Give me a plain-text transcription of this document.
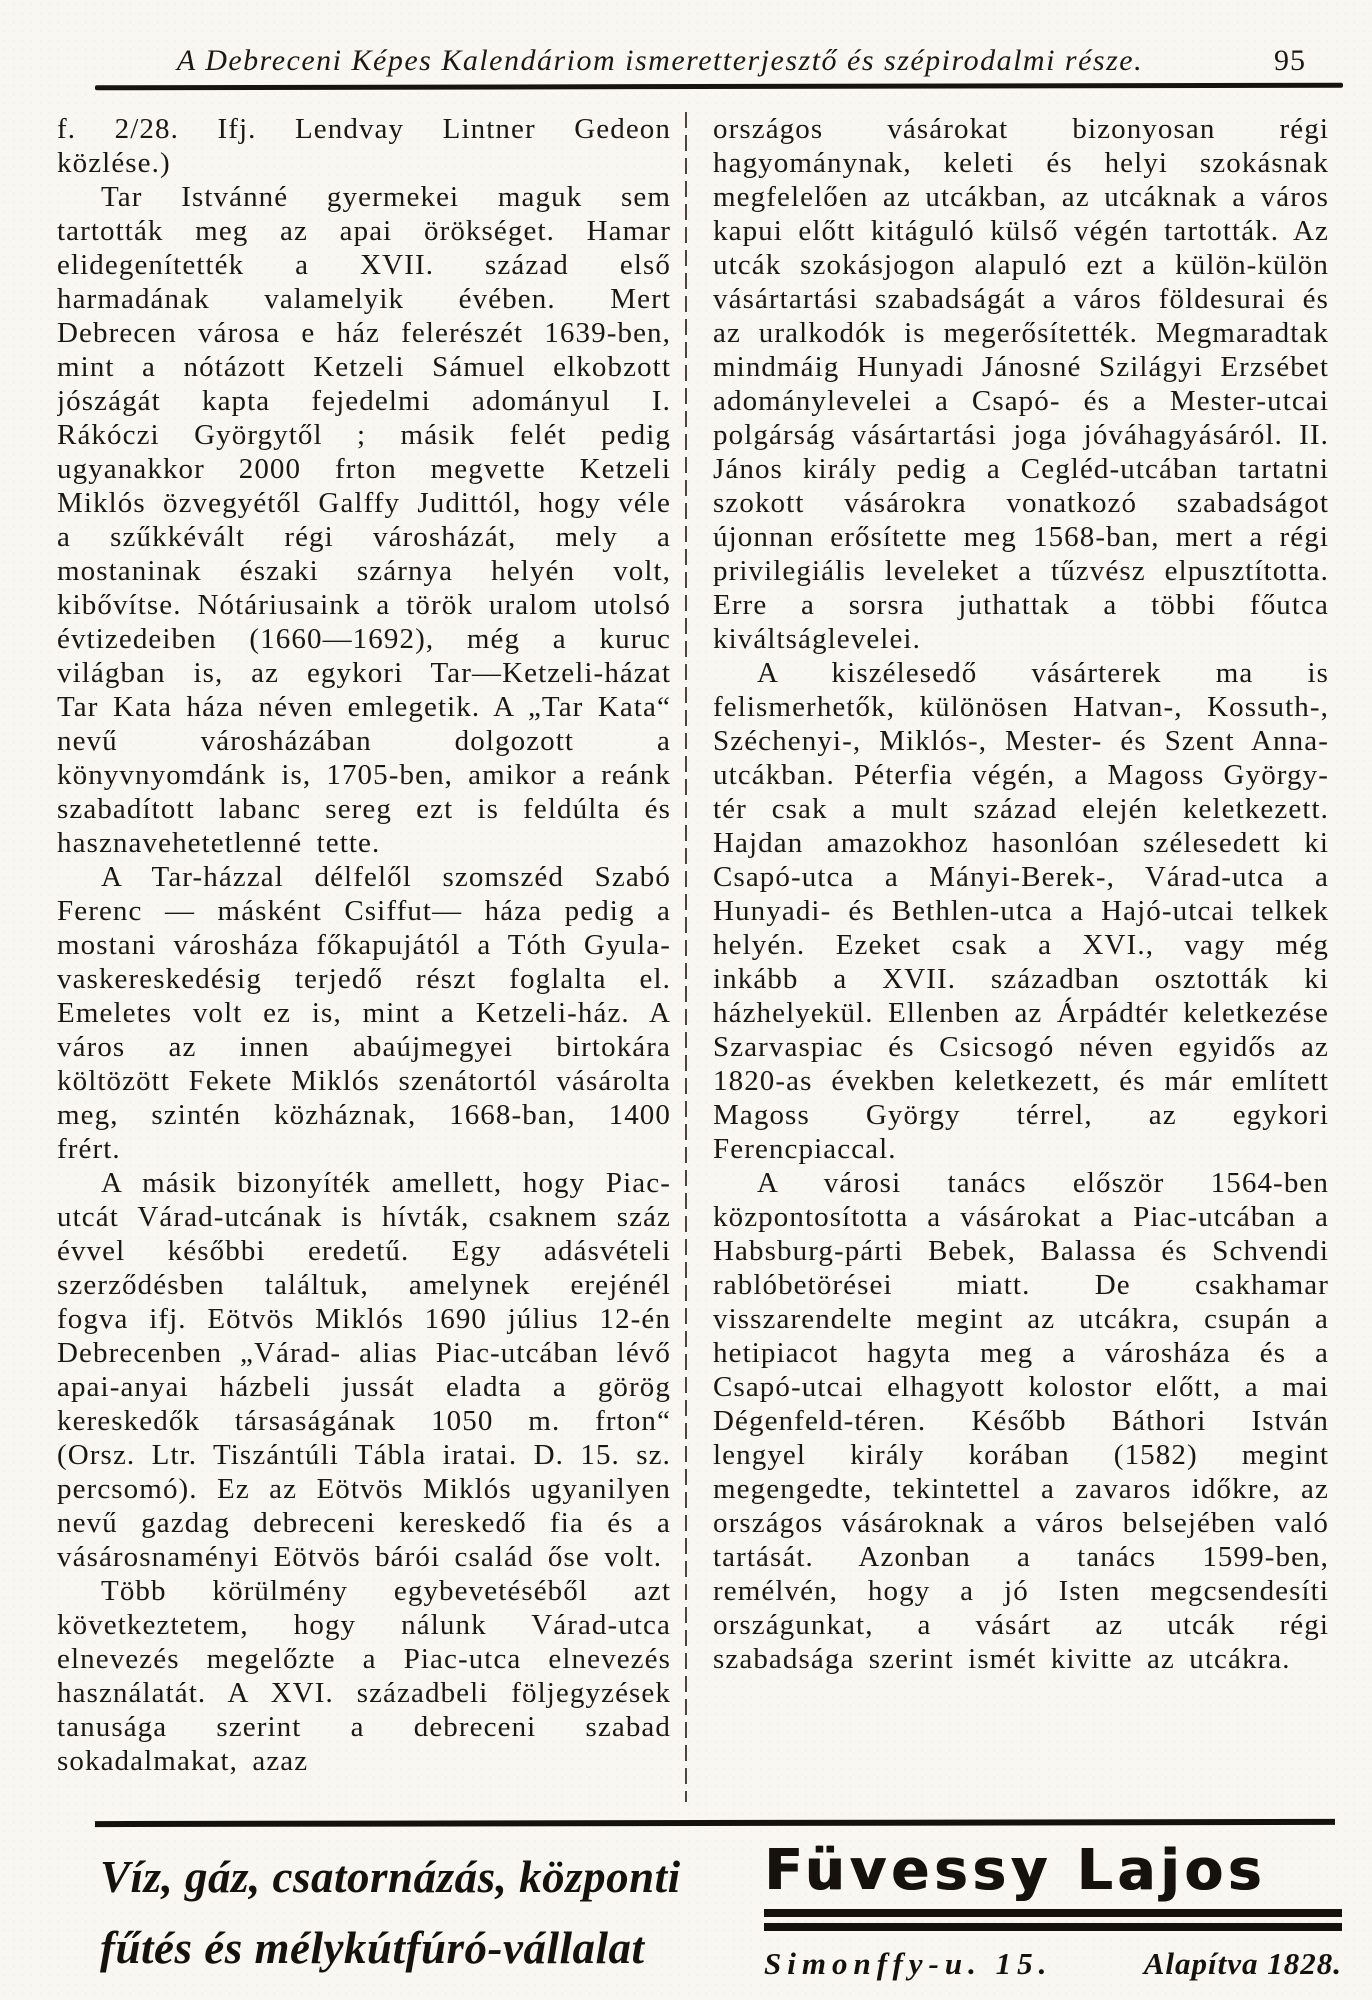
A Debreceni Képes Kalendáriom ismeretterjesztő és szépirodalmi része.	95

f. 2/28. Ifj. Lendvay Lintner Gedeon közlése.)

Tar Istvánné gyermekei maguk sem tartották meg az apai örökséget. Hamar elidegenítették a XVII. század első harmadának valamelyik évében. Mert Debrecen városa e ház felerészét 1639-ben, mint a nótázott Ketzeli Sámuel elkobzott jószágát kapta fejedelmi adományul I. Rákóczi Györgytől ; másik felét pedig ugyanakkor 2000 frton megvette Ketzeli Miklós özvegyétől Galffy Judittól, hogy véle a szűkkévált régi városházát, mely a mostaninak északi szárnya helyén volt, kibővítse. Nótáriusaink a török uralom utolsó évtizedeiben (1660—1692), még a kuruc világban is, az egykori Tar—Ketzeli-házat Tar Kata háza néven emlegetik. A „Tar Kata“ nevű városházában dolgozott a könyvnyomdánk is, 1705-ben, amikor a reánk szabadított labanc sereg ezt is feldúlta és hasznavehetetlenné tette.

A Tar-házzal délfelől szomszéd Szabó Ferenc — másként Csiffut— háza pedig a mostani városháza főkapujától a Tóth Gyula-vaskereskedésig terjedő részt foglalta el. Emeletes volt ez is, mint a Ketzeli-ház. A város az innen abaújmegyei birtokára költözött Fekete Miklós szenátortól vásárolta meg, szintén közháznak, 1668-ban, 1400 frért.

A másik bizonyíték amellett, hogy Piac-utcát Várad-utcának is hívták, csaknem száz évvel későbbi eredetű. Egy adásvételi szerződésben találtuk, amelynek erejénél fogva ifj. Eötvös Miklós 1690 július 12-én Debrecenben „Várad- alias Piac-utcában lévő apai-anyai házbeli jussát eladta a görög kereskedők társaságának 1050 m. frton“ (Orsz. Ltr. Tiszántúli Tábla iratai. D. 15. sz. percsomó). Ez az Eötvös Miklós ugyanilyen nevű gazdag debreceni kereskedő fia és a vásárosnaményi Eötvös bárói család őse volt.

Több körülmény egybevetéséből azt következtetem, hogy nálunk Várad-utca elnevezés megelőzte a Piac-utca elnevezés használatát. A XVI. századbeli följegyzések tanusága szerint a debreceni szabad sokadalmakat, azaz

országos vásárokat bizonyosan régi hagyománynak, keleti és helyi szokásnak megfelelően az utcákban, az utcáknak a város kapui előtt kitáguló külső végén tartották. Az utcák szokásjogon alapuló ezt a külön-külön vásártartási szabadságát a város földesurai és az uralkodók is megerősítették. Megmaradtak mindmáig Hunyadi Jánosné Szilágyi Erzsébet adománylevelei a Csapó- és a Mester-utcai polgárság vásártartási joga jóváhagyásáról. II. János király pedig a Cegléd-utcában tartatni szokott vásárokra vonatkozó szabadságot újonnan erősítette meg 1568-ban, mert a régi privilegiális leveleket a tűzvész elpusztította. Erre a sorsra juthattak a többi főutca kiváltságlevelei.

A kiszélesedő vásárterek ma is felismerhetők, különösen Hatvan-, Kossuth-, Széchenyi-, Miklós-, Mester- és Szent Anna-utcákban. Péterfia végén, a Magoss György-tér csak a mult század elején keletkezett. Hajdan amazokhoz hasonlóan szélesedett ki Csapó-utca a Mányi-Berek-, Várad-utca a Hunyadi- és Bethlen-utca a Hajó-utcai telkek helyén. Ezeket csak a XVI., vagy még inkább a XVII. században osztották ki házhelyekül. Ellenben az Árpádtér keletkezése Szarvaspiac és Csicsogó néven egyidős az 1820-as években keletkezett, és már említett Magoss György térrel, az egykori Ferencpiaccal.

A városi tanács először 1564-ben központosította a vásárokat a Piac-utcában a Habsburg-párti Bebek, Balassa és Schvendi rablóbetörései miatt. De csakhamar visszarendelte megint az utcákra, csupán a hetipiacot hagyta meg a városháza és a Csapó-utcai elhagyott kolostor előtt, a mai Dégenfeld-téren. Később Báthori István lengyel király korában (1582) megint megengedte, tekintettel a zavaros időkre, az országos vásároknak a város belsejében való tartását. Azonban a tanács 1599-ben, remélvén, hogy a jó Isten megcsendesíti országunkat, a vásárt az utcák régi szabadsága szerint ismét kivitte az utcákra.

Víz, gáz, csatornázás, központi
fűtés és mélykútfúró-vállalat
Füvessy Lajos
Simonffy-u. 15.	Alapítva 1828.
